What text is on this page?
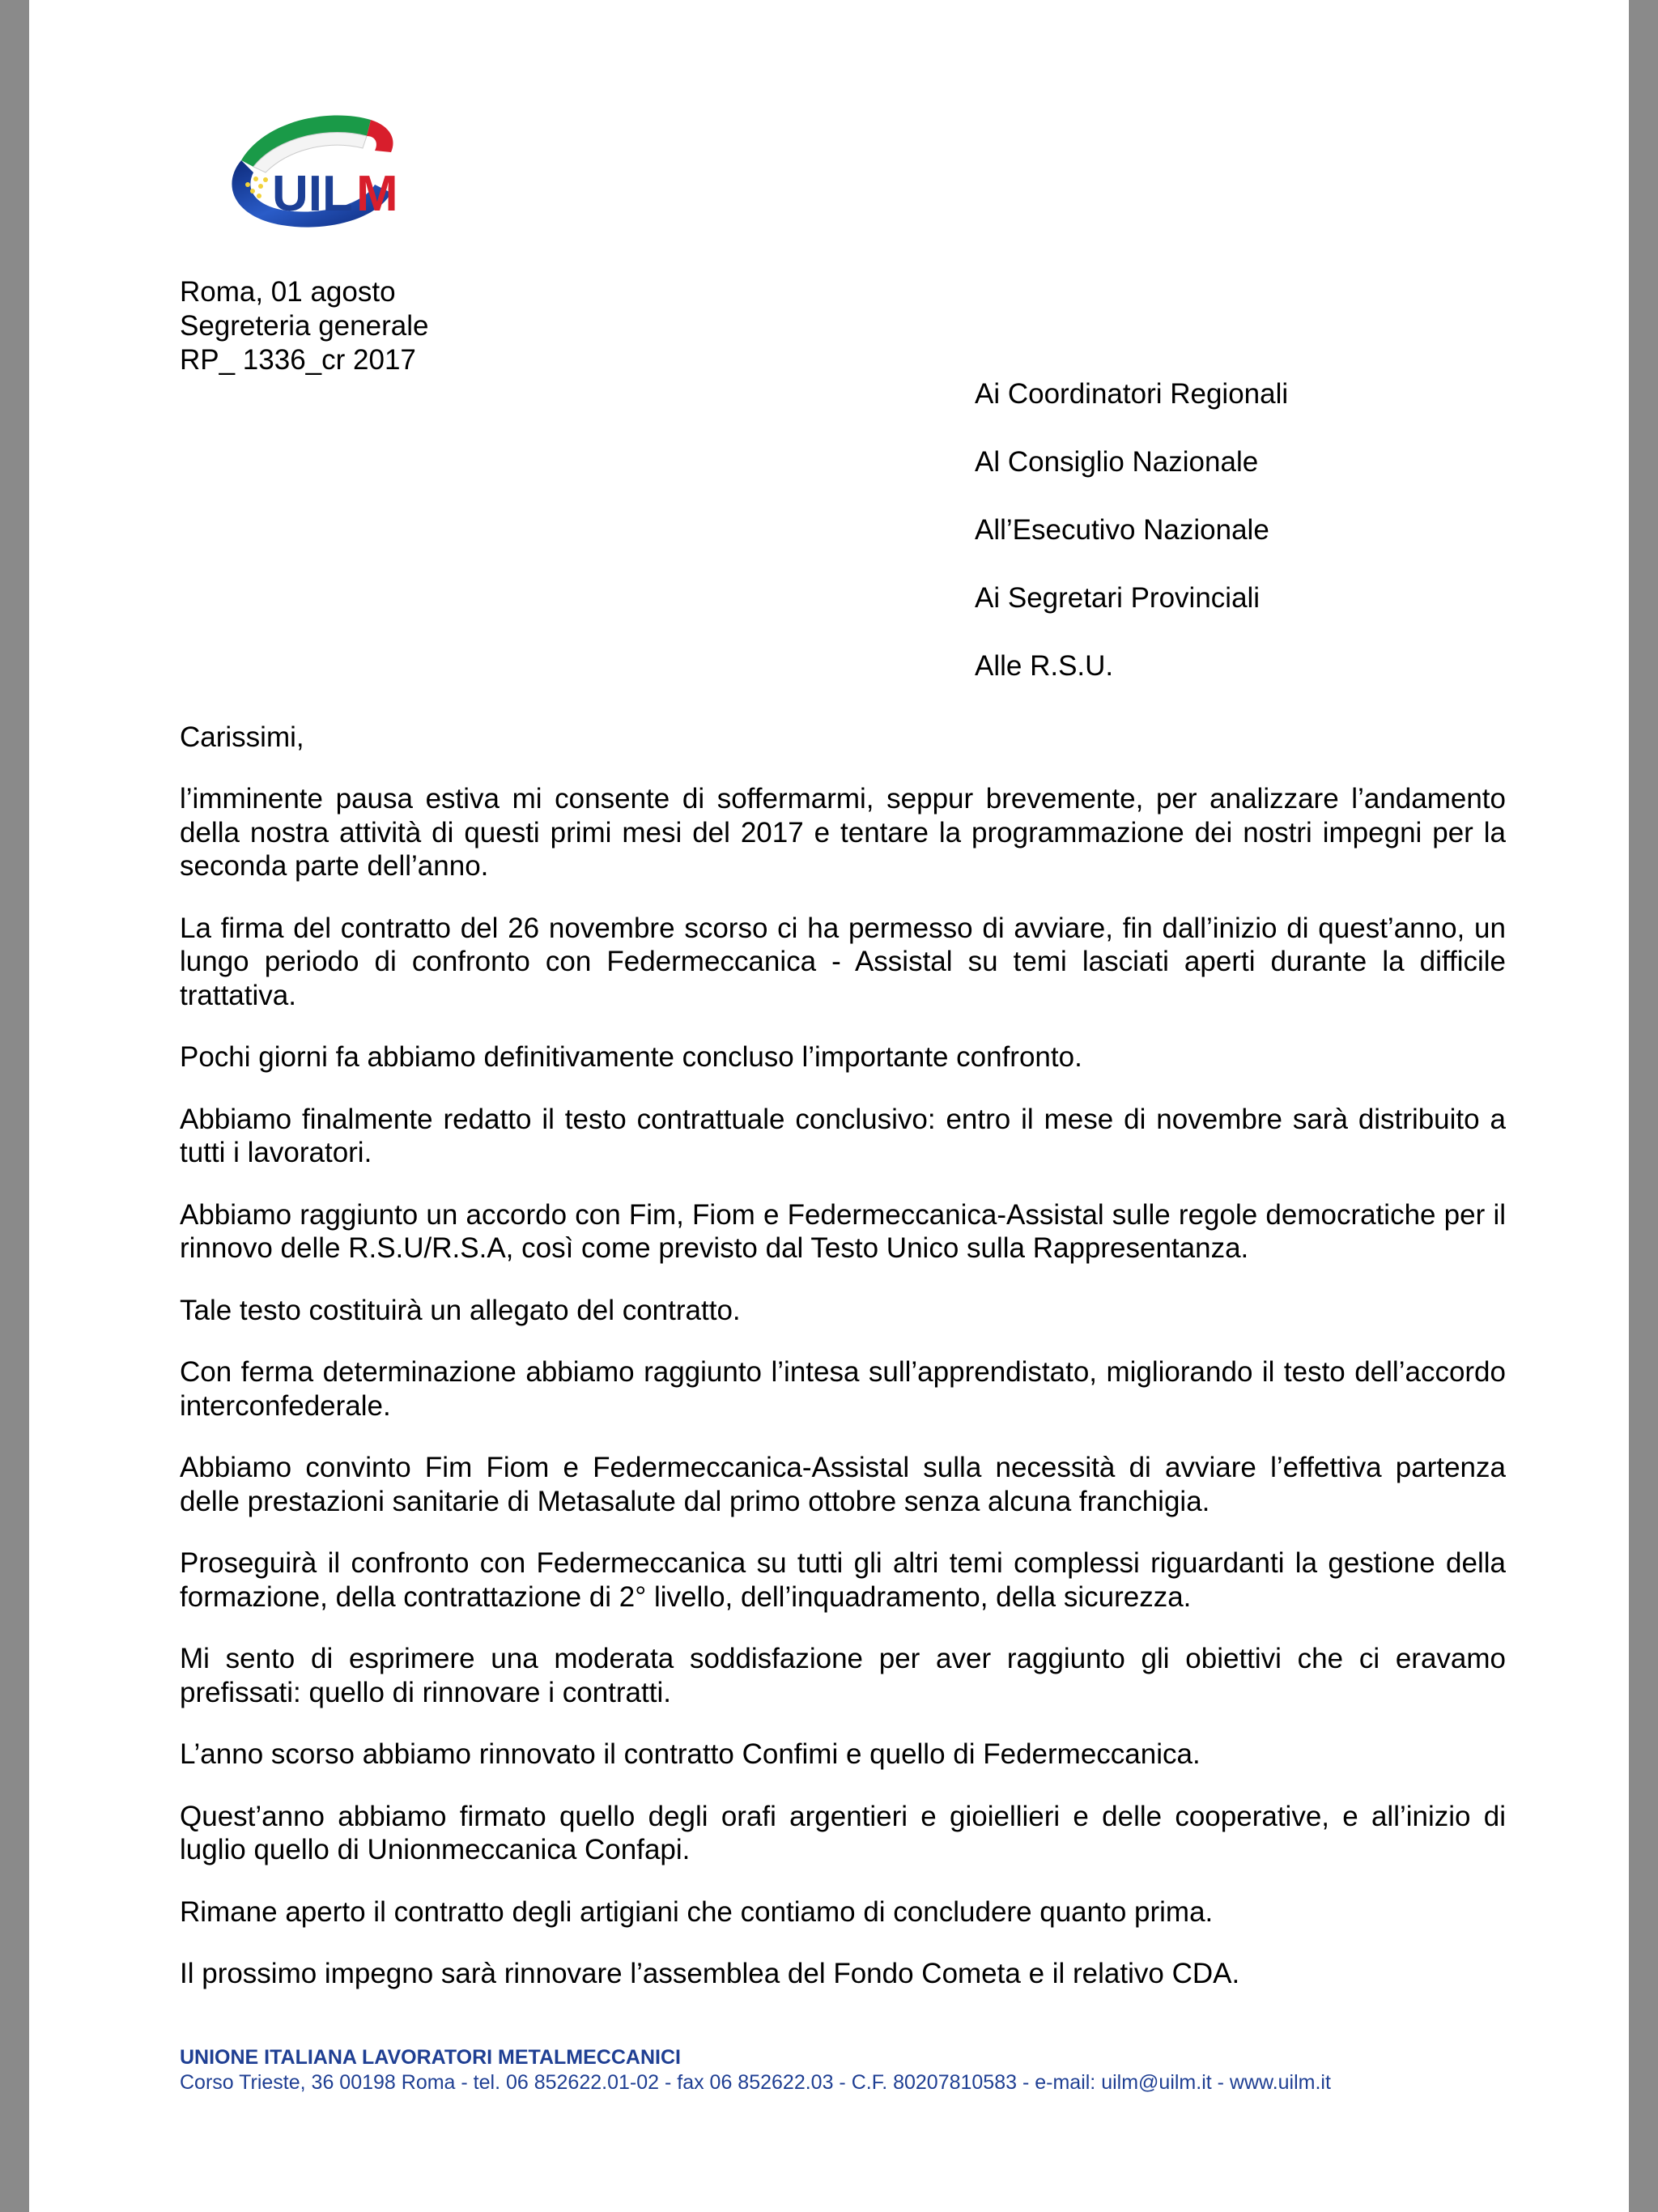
UIL M
Roma, 01 agosto
Segreteria generale
RP_ 1336_cr 2017
Ai Coordinatori Regionali
Al Consiglio Nazionale
All’Esecutivo Nazionale
Ai Segretari Provinciali
Alle R.S.U.
Carissimi,

l’imminente pausa estiva mi consente di soffermarmi, seppur brevemente, per analizzare l’andamento della nostra attività di questi primi mesi del 2017 e tentare la programmazione dei nostri impegni per la seconda parte dell’anno.

La firma del contratto del 26 novembre scorso ci ha permesso di avviare, fin dall’inizio di quest’anno, un lungo periodo di confronto con Federmeccanica - Assistal su temi lasciati aperti durante la difficile trattativa.

Pochi giorni fa abbiamo definitivamente concluso l’importante confronto.

Abbiamo finalmente redatto il testo contrattuale conclusivo: entro il mese di novembre sarà distribuito a tutti i lavoratori.

Abbiamo raggiunto un accordo con Fim, Fiom e Federmeccanica-Assistal sulle regole democratiche per il rinnovo delle R.S.U/R.S.A, così come previsto dal Testo Unico sulla Rappresentanza.

Tale testo costituirà un allegato del contratto.

Con ferma determinazione abbiamo raggiunto l’intesa sull’apprendistato, migliorando il testo dell’accordo interconfederale.

Abbiamo convinto Fim Fiom e Federmeccanica-Assistal sulla necessità di avviare l’effettiva partenza delle prestazioni sanitarie di Metasalute dal primo ottobre senza alcuna franchigia.

Proseguirà il confronto con Federmeccanica su tutti gli altri temi complessi riguardanti la gestione della formazione, della contrattazione di 2° livello, dell’inquadramento, della sicurezza.

Mi sento di esprimere una moderata soddisfazione per aver raggiunto gli obiettivi che ci eravamo prefissati: quello di rinnovare i contratti.

L’anno scorso abbiamo rinnovato il contratto Confimi e quello di Federmeccanica.

Quest’anno abbiamo firmato quello degli orafi argentieri e gioiellieri e delle cooperative, e all’inizio di luglio quello di Unionmeccanica Confapi.

Rimane aperto il contratto degli artigiani che contiamo di concludere quanto prima.

Il prossimo impegno sarà rinnovare l’assemblea del Fondo Cometa e il relativo CDA.

UNIONE ITALIANA LAVORATORI METALMECCANICI
Corso Trieste, 36 00198 Roma - tel. 06 852622.01-02 - fax 06 852622.03 - C.F. 80207810583 - e-mail: uilm@uilm.it - www.uilm.it
